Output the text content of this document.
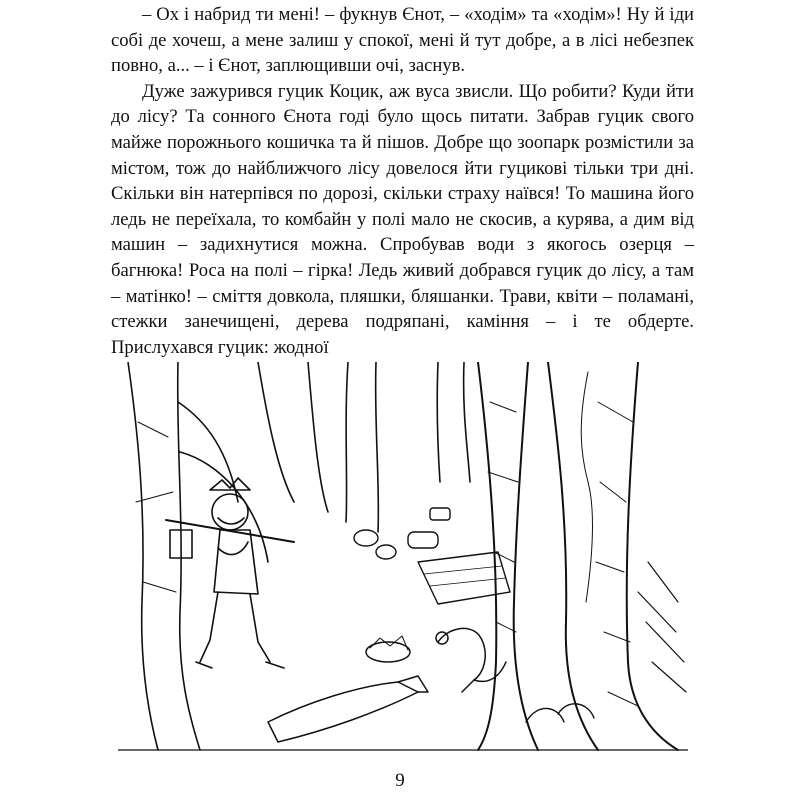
– Ох і набрид ти мені! – фукнув Єнот, – «ходім» та «ходім»! Ну й іди собі де хочеш, а мене залиш у спокої, мені й тут добре, а в лісі небезпек повно, а... – і Єнот, заплющивши очі, заснув.

Дуже зажурився гуцик Коцик, аж вуса звисли. Що робити? Куди йти до лісу? Та сонного Єнота годі було щось питати. Забрав гуцик свого майже порожнього кошичка та й пішов. Добре що зоопарк розмістили за містом, тож до найближчого лісу довелося йти гуцикові тільки три дні. Скільки він натерпівся по дорозі, скільки страху наївся! То машина його ледь не переїхала, то комбайн у полі мало не скосив, а курява, а дим від машин – задихнутися можна. Спробував води з якогось озерця – багнюка! Роса на полі – гірка! Ледь живий добрався гуцик до лісу, а там – матінко! – сміття довкола, пляшки, бляшанки. Трави, квіти – поламані, стежки занечищені, дерева подряпані, каміння – і те обдерте. Прислухався гуцик: жодної

9
